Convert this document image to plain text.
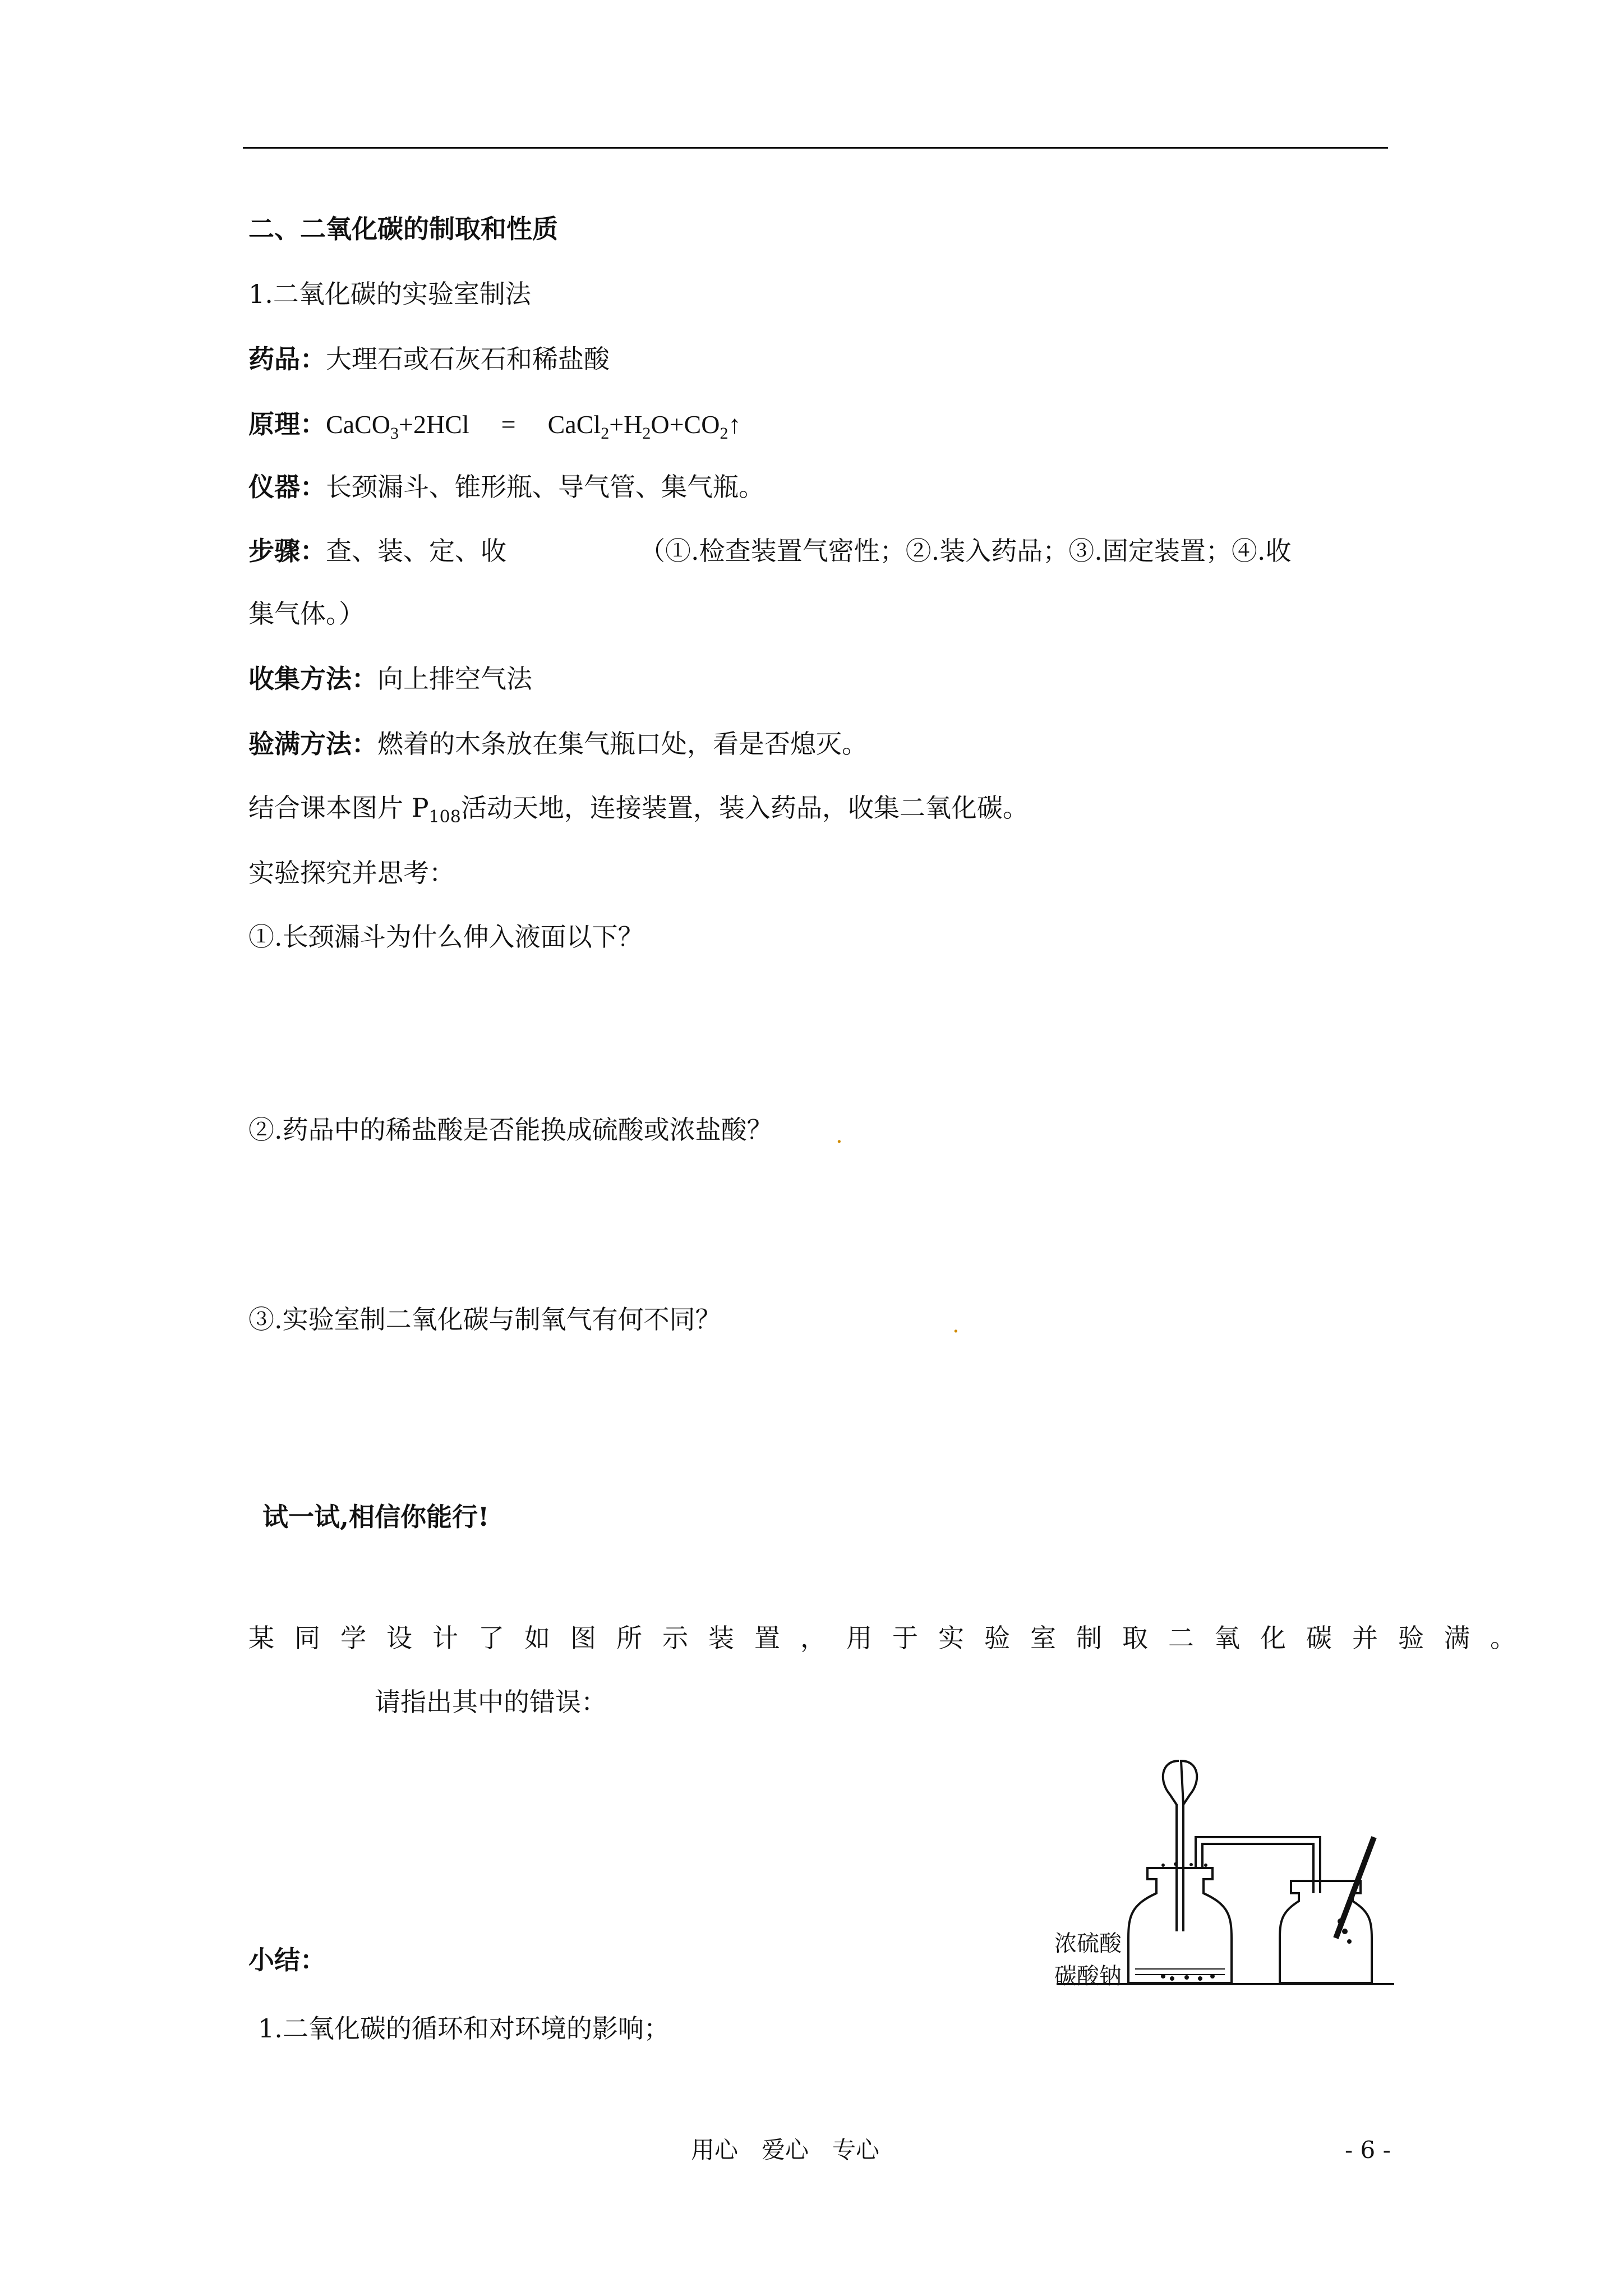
二、二氧化碳的制取和性质
1.二氧化碳的实验室制法
药品：大理石或石灰石和稀盐酸
原理：CaCO$_3$+2HCl = $CaCl_2+H_2O+CO_2↑$
仪器：长颈漏斗、锥形瓶、导气管、集气瓶。
步骤：查、装、定、收	（①.检查装置气密性；②.装入药品；③.固定装置；④.收
集气体。）
收集方法：向上排空气法
验满方法：燃着的木条放在集气瓶口处，看是否熄灭。
结合课本图片 $P_{108}$活动天地，连接装置，装入药品，收集二氧化碳。
实验探究并思考：
①.长颈漏斗为什么伸入液面以下？
②.药品中的稀盐酸是否能换成硫酸或浓盐酸？	.
③.实验室制二氧化碳与制氧气有何不同？	.
试一试,相信你能行!
某同学设计了如图所示装置，用于实验室制取二氧化碳并验满。
请指出其中的错误：
浓硫酸
碳酸钠
小结：
1.二氧化碳的循环和对环境的影响；
用心　爱心　专心	- 6 -
